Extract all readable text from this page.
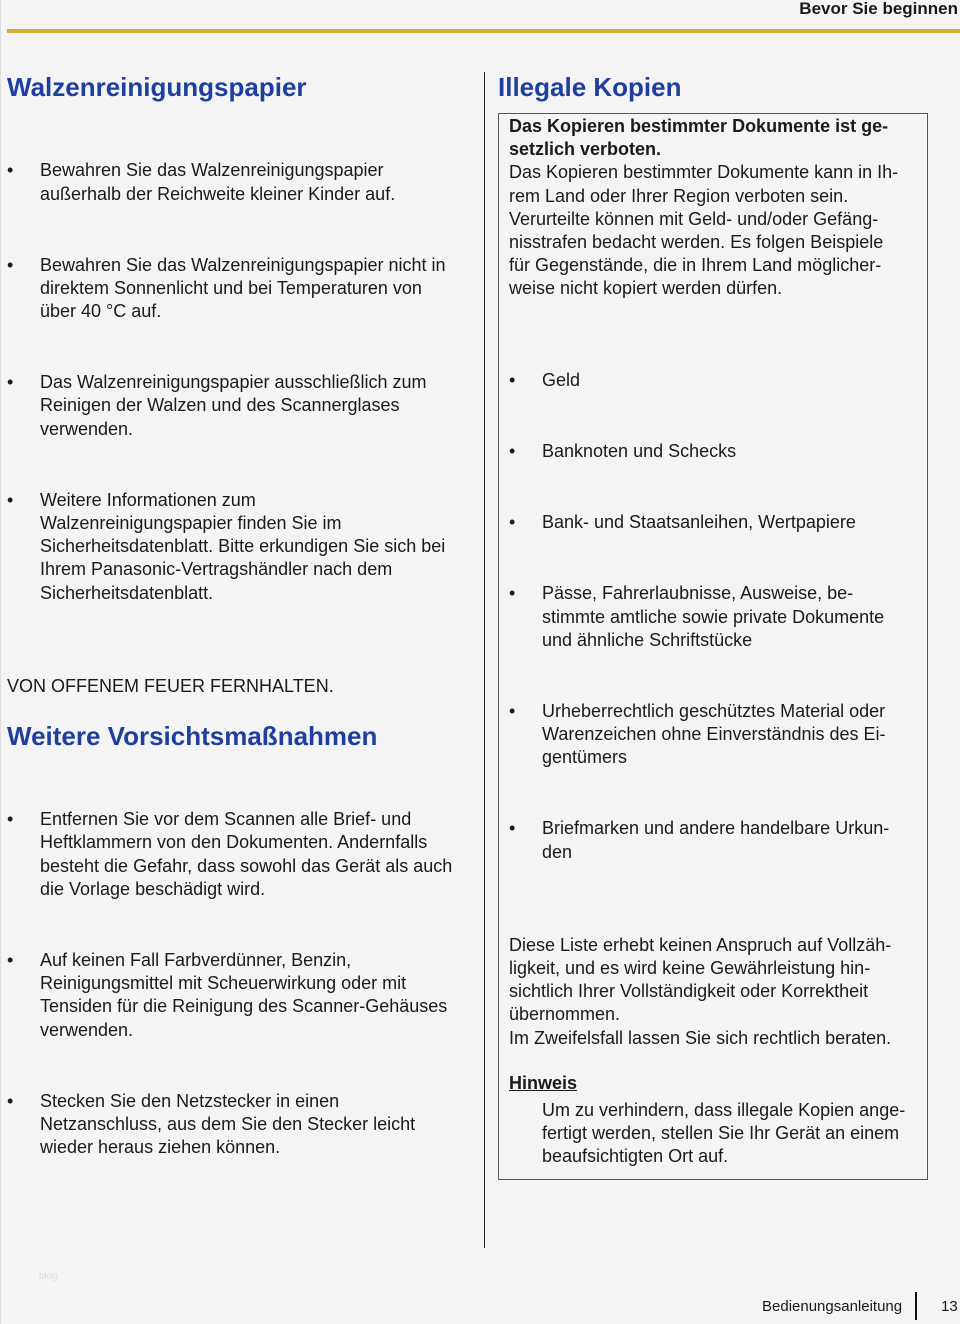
Bevor Sie beginnen
Walzenreinigungspapier

• Bewahren Sie das Walzenreinigungspapier
außerhalb der Reichweite kleiner Kinder auf.

• Bewahren Sie das Walzenreinigungspapier nicht in
direktem Sonnenlicht und bei Temperaturen von
über 40 °C auf.

• Das Walzenreinigungspapier ausschließlich zum
Reinigen der Walzen und des Scannerglases
verwenden.

• Weitere Informationen zum
Walzenreinigungspapier finden Sie im
Sicherheitsdatenblatt. Bitte erkundigen Sie sich bei
Ihrem Panasonic-Vertragshändler nach dem
Sicherheitsdatenblatt.

VON OFFENEM FEUER FERNHALTEN.
Weitere Vorsichtsmaßnahmen

• Entfernen Sie vor dem Scannen alle Brief- und
Heftklammern von den Dokumenten. Andernfalls
besteht die Gefahr, dass sowohl das Gerät als auch
die Vorlage beschädigt wird.

• Auf keinen Fall Farbverdünner, Benzin,
Reinigungsmittel mit Scheuerwirkung oder mit
Tensiden für die Reinigung des Scanner-Gehäuses
verwenden.

• Stecken Sie den Netzstecker in einen
Netzanschluss, aus dem Sie den Stecker leicht
wieder heraus ziehen können.

Illegale Kopien
Das Kopieren bestimmter Dokumente ist ge-
setzlich verboten.
Das Kopieren bestimmter Dokumente kann in Ih-
rem Land oder Ihrer Region verboten sein.
Verurteilte können mit Geld- und/oder Gefäng-
nisstrafen bedacht werden. Es folgen Beispiele
für Gegenstände, die in Ihrem Land möglicher-
weise nicht kopiert werden dürfen.

• Geld

• Banknoten und Schecks

• Bank- und Staatsanleihen, Wertpapiere

• Pässe, Fahrerlaubnisse, Ausweise, be-
stimmte amtliche sowie private Dokumente
und ähnliche Schriftstücke

• Urheberrechtlich geschütztes Material oder
Warenzeichen ohne Einverständnis des Ei-
gentümers

• Briefmarken und andere handelbare Urkun-
den

Diese Liste erhebt keinen Anspruch auf Vollzäh-
ligkeit, und es wird keine Gewährleistung hin-
sichtlich Ihrer Vollständigkeit oder Korrektheit
übernommen.
Im Zweifelsfall lassen Sie sich rechtlich beraten.
Hinweis
Um zu verhindern, dass illegale Kopien ange-
fertigt werden, stellen Sie Ihr Gerät an einem
beaufsichtigten Ort auf.
blog
Bedienungsanleitung	13
